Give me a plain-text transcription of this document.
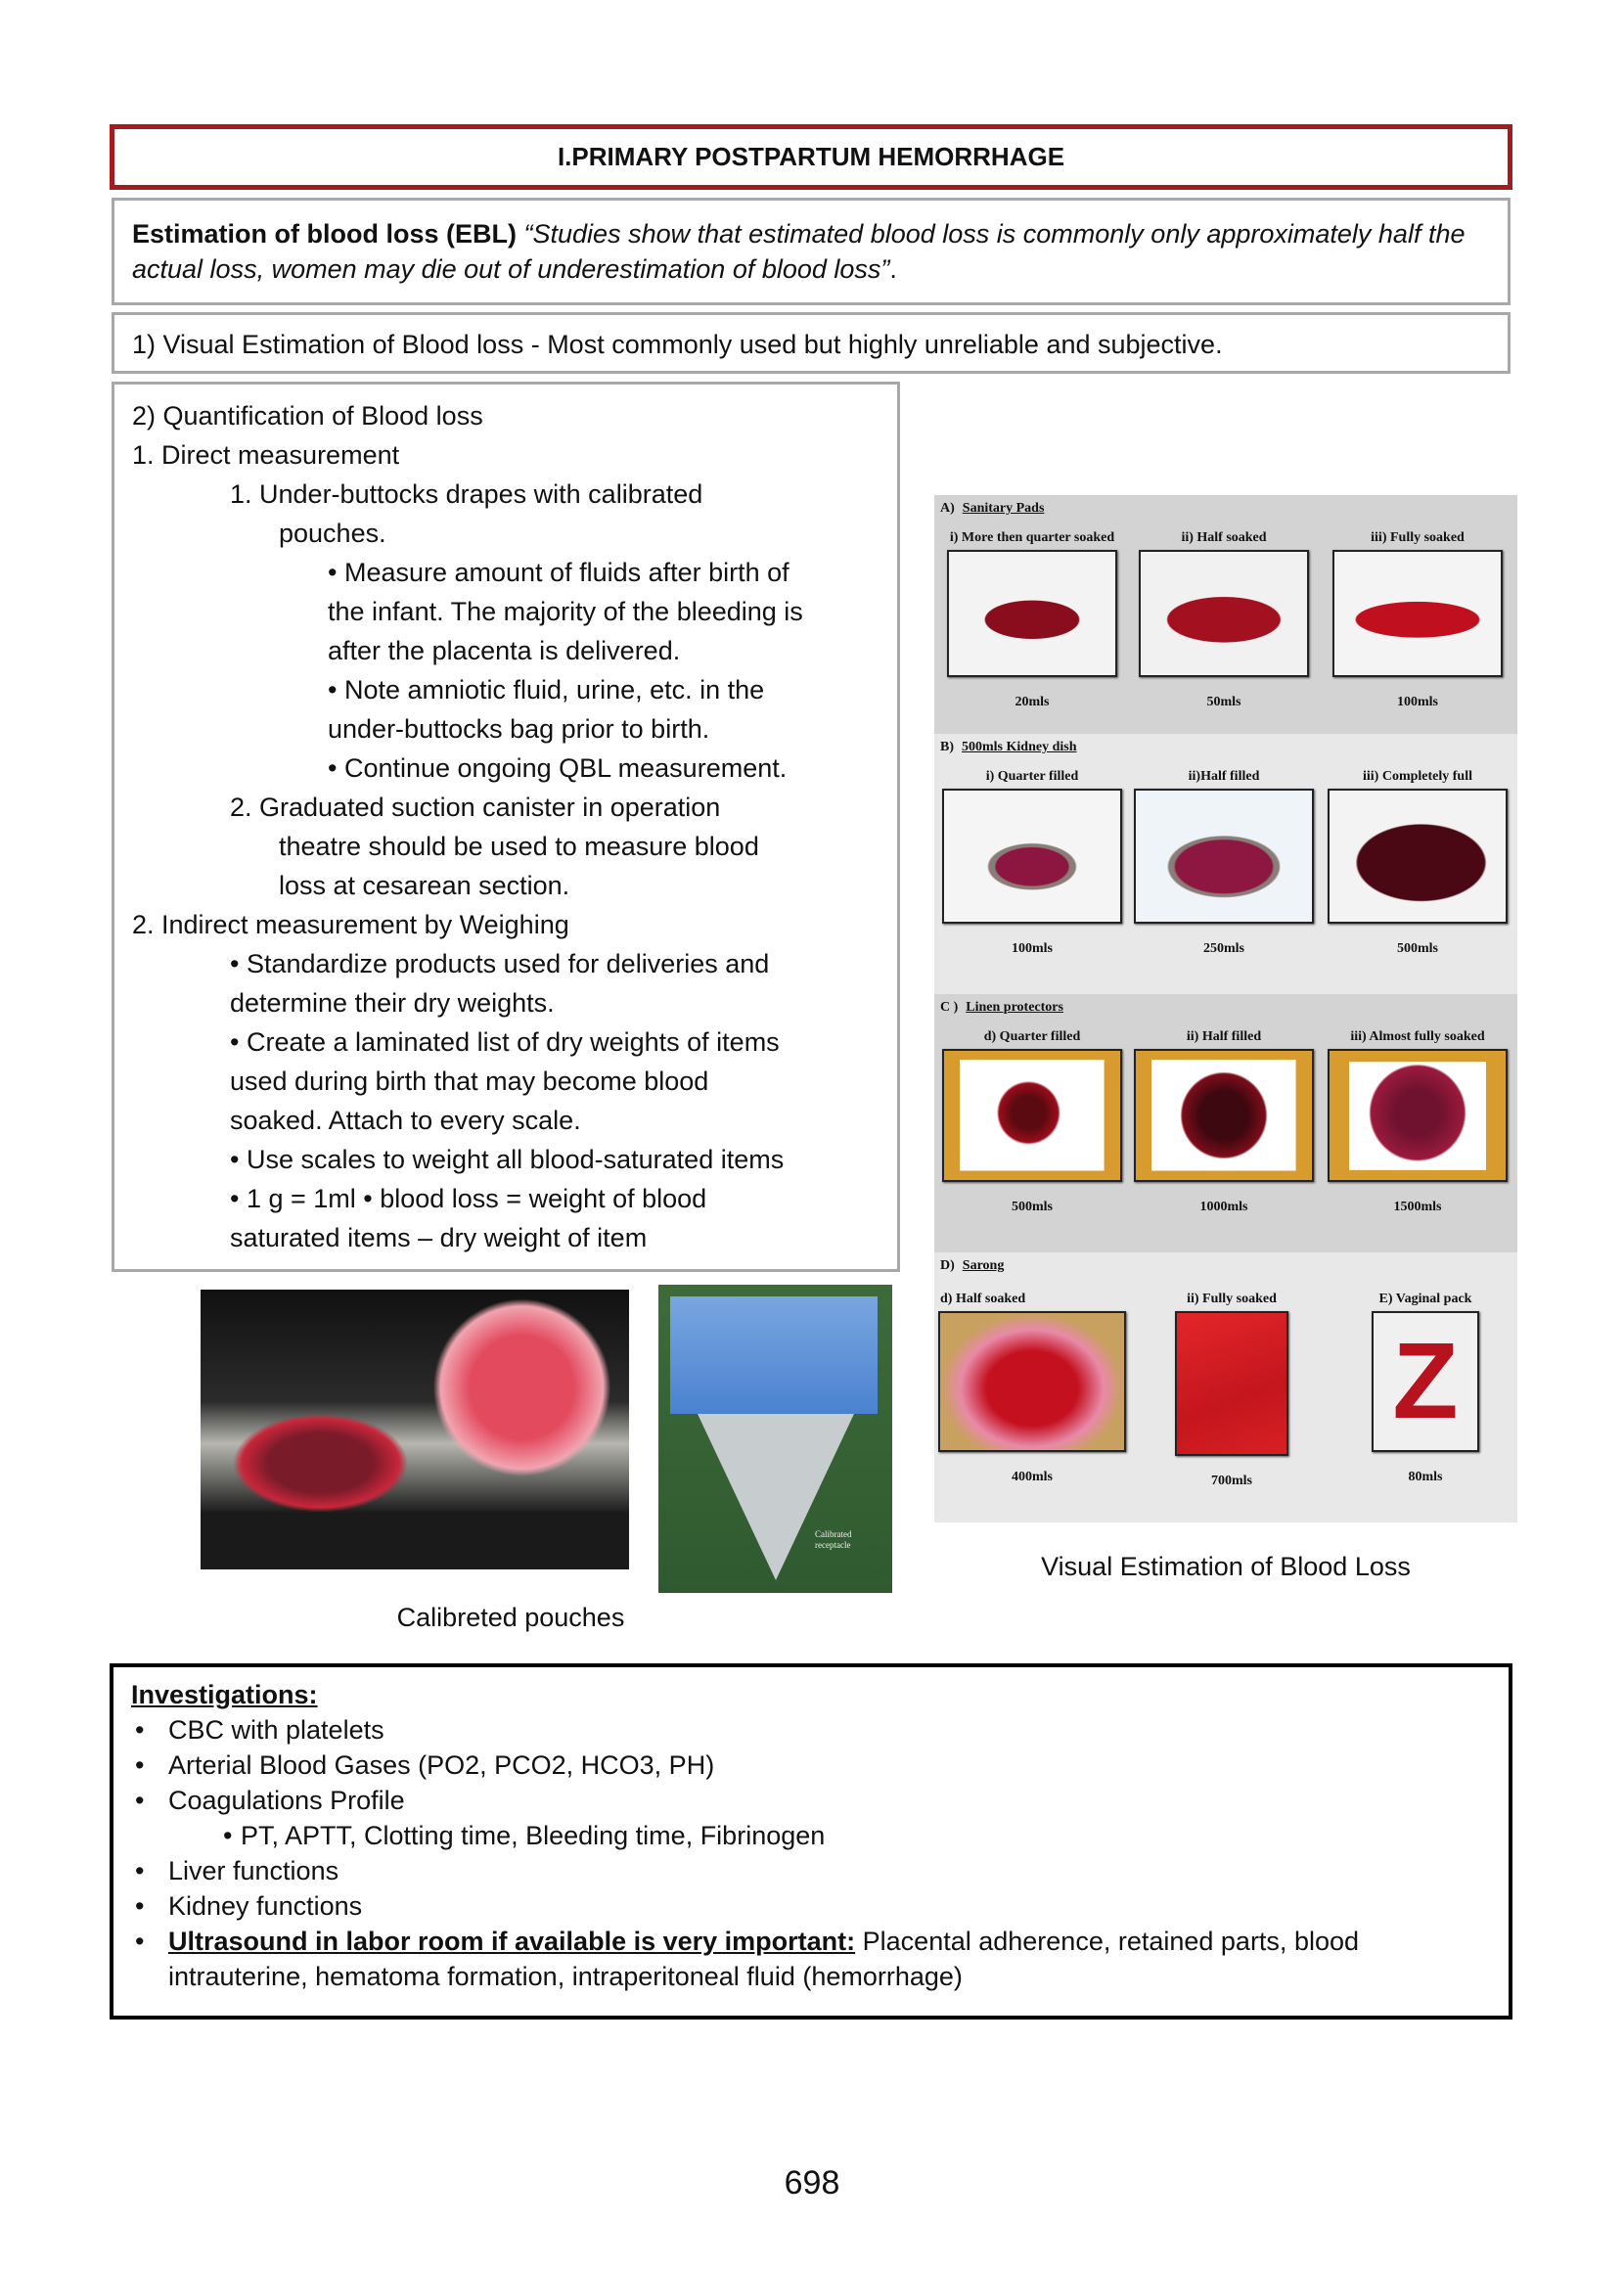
I.PRIMARY POSTPARTUM HEMORRHAGE
Estimation of blood loss (EBL) “Studies show that estimated blood loss is commonly only approximately half the actual loss, women may die out of underestimation of blood loss”.
1) Visual Estimation of Blood loss - Most commonly used but highly unreliable and subjective.
2) Quantification of Blood loss
1. Direct measurement
1. Under-buttocks drapes with calibrated
pouches.
• Measure amount of fluids after birth of
the infant. The majority of the bleeding is
after the placenta is delivered.
• Note amniotic fluid, urine, etc. in the
under-buttocks bag prior to birth.
• Continue ongoing QBL measurement.
2. Graduated suction canister in operation
theatre should be used to measure blood
loss at cesarean section.
2. Indirect measurement by Weighing
• Standardize products used for deliveries and
determine their dry weights.
• Create a laminated list of dry weights of items
used during birth that may become blood
soaked. Attach to every scale.
• Use scales to weight all blood-saturated items
• 1 g = 1ml • blood loss = weight of blood
saturated items – dry weight of item
A) Sanitary Pads
i) More then quarter soaked
20mls
ii) Half soaked
50mls
iii) Fully soaked
100mls
B) 500mls Kidney dish
i) Quarter filled
100mls
ii)Half filled
250mls
iii) Completely full
500mls
C ) Linen protectors
d) Quarter filled
500mls
ii) Half filled
1000mls
iii) Almost fully soaked
1500mls
D) Sarong
d) Half soaked
400mls
ii) Fully soaked
700mls
E) Vaginal pack
Z
80mls
Visual Estimation of Blood Loss
Calibrated receptacle
Calibreted pouches
Investigations:
• CBC with platelets
• Arterial Blood Gases (PO2, PCO2, HCO3, PH)
• Coagulations Profile
• PT, APTT, Clotting time, Bleeding time, Fibrinogen
• Liver functions
• Kidney functions
• Ultrasound in labor room if available is very important: Placental adherence, retained parts, blood intrauterine, hematoma formation, intraperitoneal fluid (hemorrhage)
698
